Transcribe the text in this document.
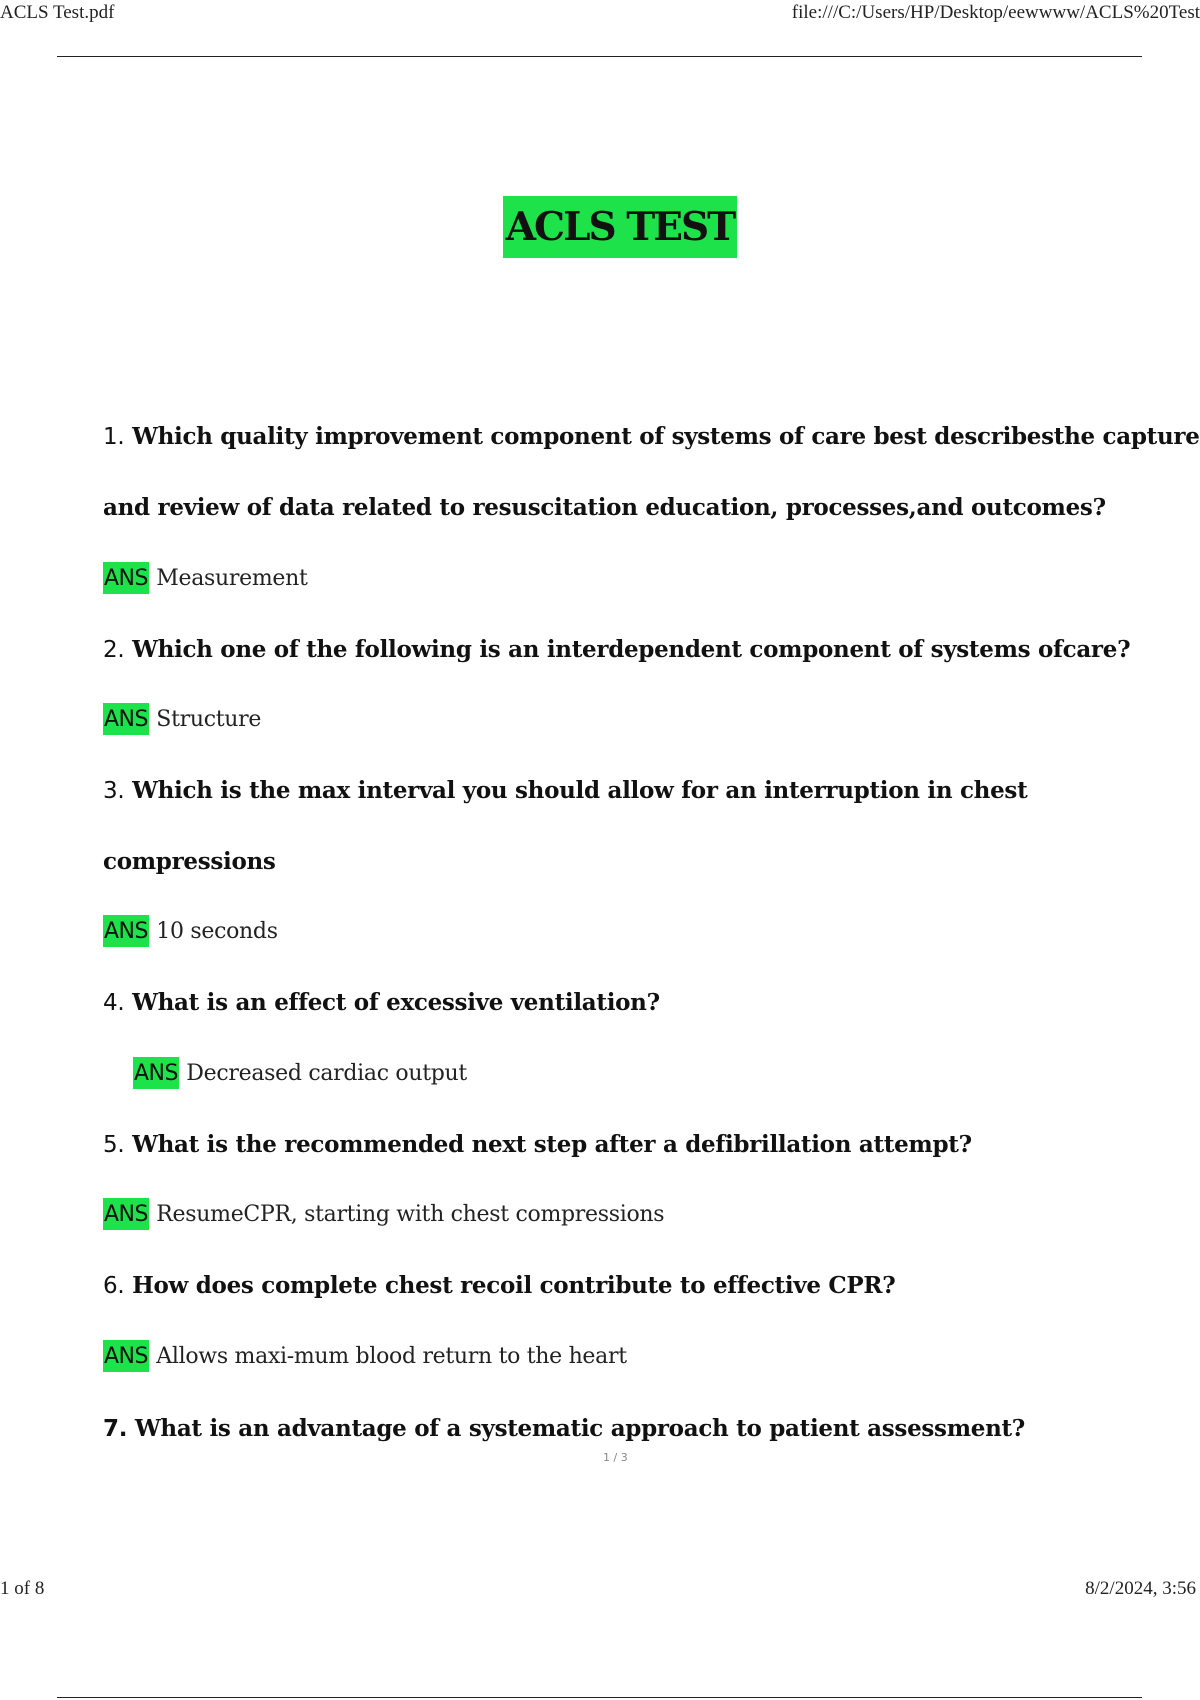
ACLS Test.pdf	file:///C:/Users/HP/Desktop/eewwww/ACLS%20Test
ACLS TEST
1. Which quality improvement component of systems of care best describesthe capture
and review of data related to resuscitation education, processes,and outcomes?
ANS Measurement
2. Which one of the following is an interdependent component of systems ofcare?
ANS Structure
3. Which is the max interval you should allow for an interruption in chest
compressions
ANS 10 seconds
4. What is an effect of excessive ventilation?
ANS Decreased cardiac output
5. What is the recommended next step after a defibrillation attempt?
ANS ResumeCPR, starting with chest compressions
6. How does complete chest recoil contribute to effective CPR?
ANS Allows maxi-mum blood return to the heart
7. What is an advantage of a systematic approach to patient assessment?
1 / 3
1 of 8	8/2/2024, 3:56
